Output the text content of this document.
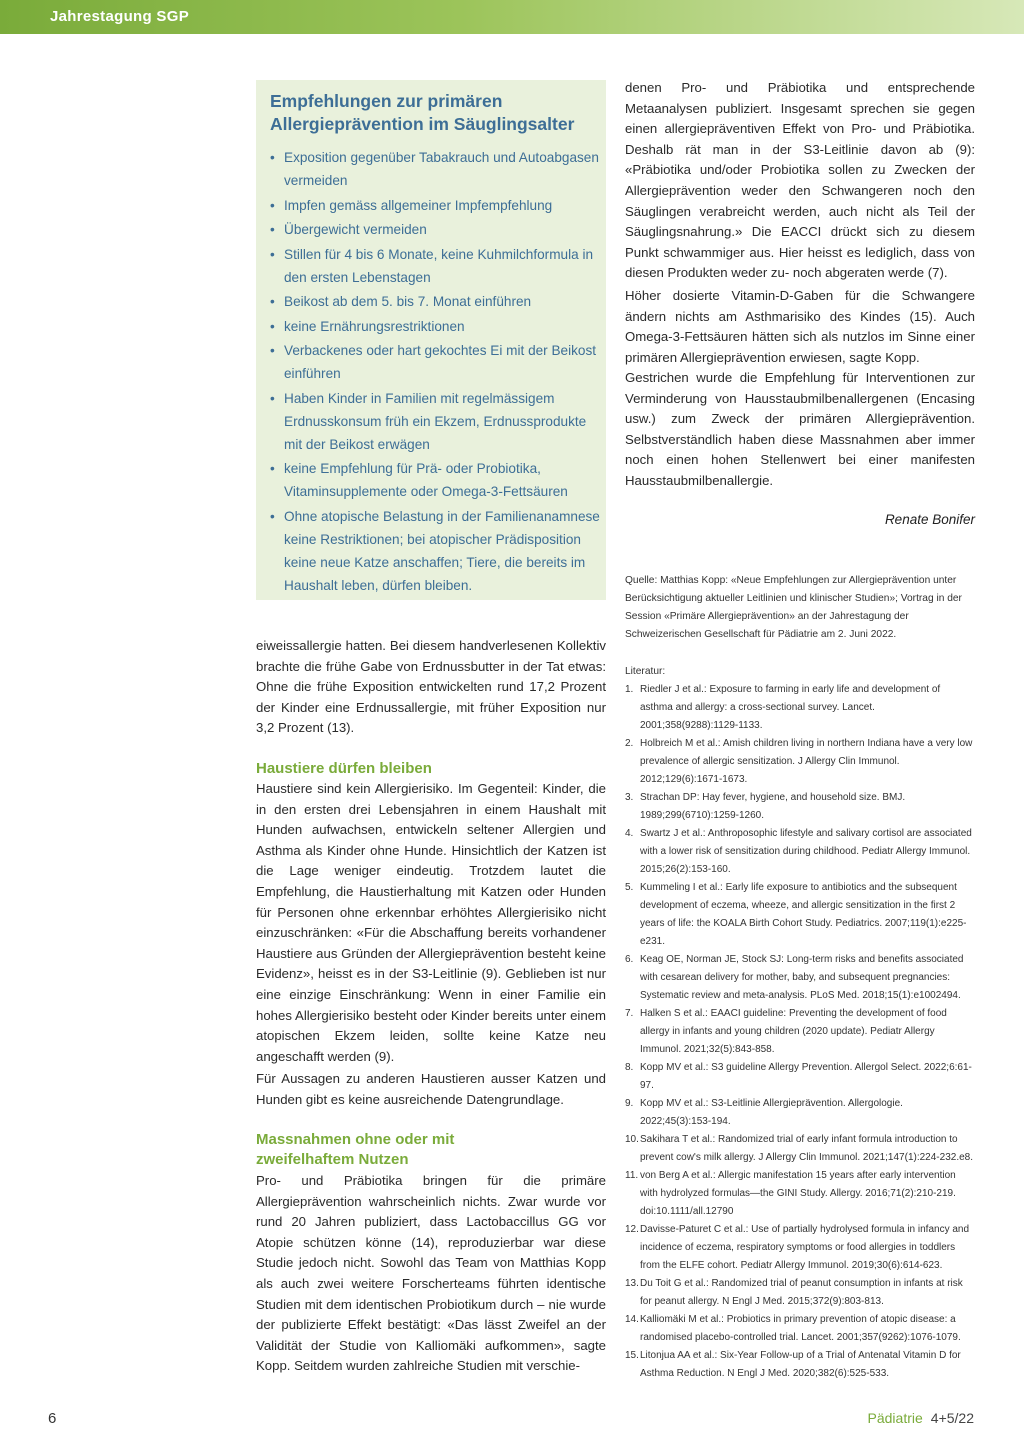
Jahrestagung SGP
Empfehlungen zur primären Allergieprävention im Säuglingsalter
• Exposition gegenüber Tabakrauch und Autoabgasen vermeiden
• Impfen gemäss allgemeiner Impfempfehlung
• Übergewicht vermeiden
• Stillen für 4 bis 6 Monate, keine Kuhmilchformula in den ersten Lebenstagen
• Beikost ab dem 5. bis 7. Monat einführen
• keine Ernährungsrestriktionen
• Verbackenes oder hart gekochtes Ei mit der Beikost einführen
• Haben Kinder in Familien mit regelmässigem Erdnusskonsum früh ein Ekzem, Erdnussprodukte mit der Beikost erwägen
• keine Empfehlung für Prä- oder Probiotika, Vitaminsupplemente oder Omega-3-Fettsäuren
• Ohne atopische Belastung in der Familienanamnese keine Restriktionen; bei atopischer Prädisposition keine neue Katze anschaffen; Tiere, die bereits im Haushalt leben, dürfen bleiben.

eiweissallergie hatten. Bei diesem handverlesenen Kollektiv brachte die frühe Gabe von Erdnussbutter in der Tat etwas: Ohne die frühe Exposition entwickelten rund 17,2 Prozent der Kinder eine Erdnussallergie, mit früher Exposition nur 3,2 Prozent (13).

Haustiere dürfen bleiben

Haustiere sind kein Allergierisiko. Im Gegenteil: Kinder, die in den ersten drei Lebensjahren in einem Haushalt mit Hunden aufwachsen, entwickeln seltener Allergien und Asthma als Kinder ohne Hunde. Hinsichtlich der Katzen ist die Lage weniger eindeutig. Trotzdem lautet die Empfehlung, die Haustierhaltung mit Katzen oder Hunden für Personen ohne erkennbar erhöhtes Allergierisiko nicht einzuschränken: «Für die Abschaffung bereits vorhandener Haustiere aus Gründen der Allergieprävention besteht keine Evidenz», heisst es in der S3-Leitlinie (9). Geblieben ist nur eine einzige Einschränkung: Wenn in einer Familie ein hohes Allergierisiko besteht oder Kinder bereits unter einem atopischen Ekzem leiden, sollte keine Katze neu angeschafft werden (9).

Für Aussagen zu anderen Haustieren ausser Katzen und Hunden gibt es keine ausreichende Datengrundlage.

Massnahmen ohne oder mit zweifelhaftem Nutzen

Pro- und Präbiotika bringen für die primäre Allergieprävention wahrscheinlich nichts. Zwar wurde vor rund 20 Jahren publiziert, dass Lactobaccillus GG vor Atopie schützen könne (14), reproduzierbar war diese Studie jedoch nicht. Sowohl das Team von Matthias Kopp als auch zwei weitere Forscherteams führten identische Studien mit dem identischen Probiotikum durch – nie wurde der publizierte Effekt bestätigt: «Das lässt Zweifel an der Validität der Studie von Kalliomäki aufkommen», sagte Kopp. Seitdem wurden zahlreiche Studien mit verschie-

denen Pro- und Präbiotika und entsprechende Metaanalysen publiziert. Insgesamt sprechen sie gegen einen allergiepräventiven Effekt von Pro- und Präbiotika. Deshalb rät man in der S3-Leitlinie davon ab (9): «Präbiotika und/oder Probiotika sollen zu Zwecken der Allergieprävention weder den Schwangeren noch den Säuglingen verabreicht werden, auch nicht als Teil der Säuglingsnahrung.» Die EACCI drückt sich zu diesem Punkt schwammiger aus. Hier heisst es lediglich, dass von diesen Produkten weder zu- noch abgeraten werde (7).

Höher dosierte Vitamin-D-Gaben für die Schwangere ändern nichts am Asthmarisiko des Kindes (15). Auch Omega-3-Fettsäuren hätten sich als nutzlos im Sinne einer primären Allergieprävention erwiesen, sagte Kopp.

Gestrichen wurde die Empfehlung für Interventionen zur Verminderung von Hausstaubmilbenallergenen (Encasing usw.) zum Zweck der primären Allergieprävention. Selbstverständlich haben diese Massnahmen aber immer noch einen hohen Stellenwert bei einer manifesten Hausstaubmilbenallergie.

Renate Bonifer

Quelle: Matthias Kopp: «Neue Empfehlungen zur Allergieprävention unter Berücksichtigung aktueller Leitlinien und klinischer Studien»; Vortrag in der Session «Primäre Allergieprävention» an der Jahrestagung der Schweizerischen Gesellschaft für Pädiatrie am 2. Juni 2022.

Literatur:

1. Riedler J et al.: Exposure to farming in early life and development of asthma and allergy: a cross-sectional survey. Lancet. 2001;358(9288):1129-1133.
2. Holbreich M et al.: Amish children living in northern Indiana have a very low prevalence of allergic sensitization. J Allergy Clin Immunol. 2012;129(6):1671-1673.
3. Strachan DP: Hay fever, hygiene, and household size. BMJ. 1989;299(6710):1259-1260.
4. Swartz J et al.: Anthroposophic lifestyle and salivary cortisol are associated with a lower risk of sensitization during childhood. Pediatr Allergy Immunol. 2015;26(2):153-160.
5. Kummeling I et al.: Early life exposure to antibiotics and the subsequent development of eczema, wheeze, and allergic sensitization in the first 2 years of life: the KOALA Birth Cohort Study. Pediatrics. 2007;119(1):e225-e231.
6. Keag OE, Norman JE, Stock SJ: Long-term risks and benefits associated with cesarean delivery for mother, baby, and subsequent pregnancies: Systematic review and meta-analysis. PLoS Med. 2018;15(1):e1002494.
7. Halken S et al.: EAACI guideline: Preventing the development of food allergy in infants and young children (2020 update). Pediatr Allergy Immunol. 2021;32(5):843-858.
8. Kopp MV et al.: S3 guideline Allergy Prevention. Allergol Select. 2022;6:61-97.
9. Kopp MV et al.: S3-Leitlinie Allergieprävention. Allergologie. 2022;45(3):153-194.
10. Sakihara T et al.: Randomized trial of early infant formula introduction to prevent cow's milk allergy. J Allergy Clin Immunol. 2021;147(1):224-232.e8.
11. von Berg A et al.: Allergic manifestation 15 years after early intervention with hydrolyzed formulas—the GINI Study. Allergy. 2016;71(2):210-219. doi:10.1111/all.12790
12. Davisse-Paturet C et al.: Use of partially hydrolysed formula in infancy and incidence of eczema, respiratory symptoms or food allergies in toddlers from the ELFE cohort. Pediatr Allergy Immunol. 2019;30(6):614-623.
13. Du Toit G et al.: Randomized trial of peanut consumption in infants at risk for peanut allergy. N Engl J Med. 2015;372(9):803-813.
14. Kalliomäki M et al.: Probiotics in primary prevention of atopic disease: a randomised placebo-controlled trial. Lancet. 2001;357(9262):1076-1079.
15. Litonjua AA et al.: Six-Year Follow-up of a Trial of Antenatal Vitamin D for Asthma Reduction. N Engl J Med. 2020;382(6):525-533.
6	Pädiatrie 4+5/22
